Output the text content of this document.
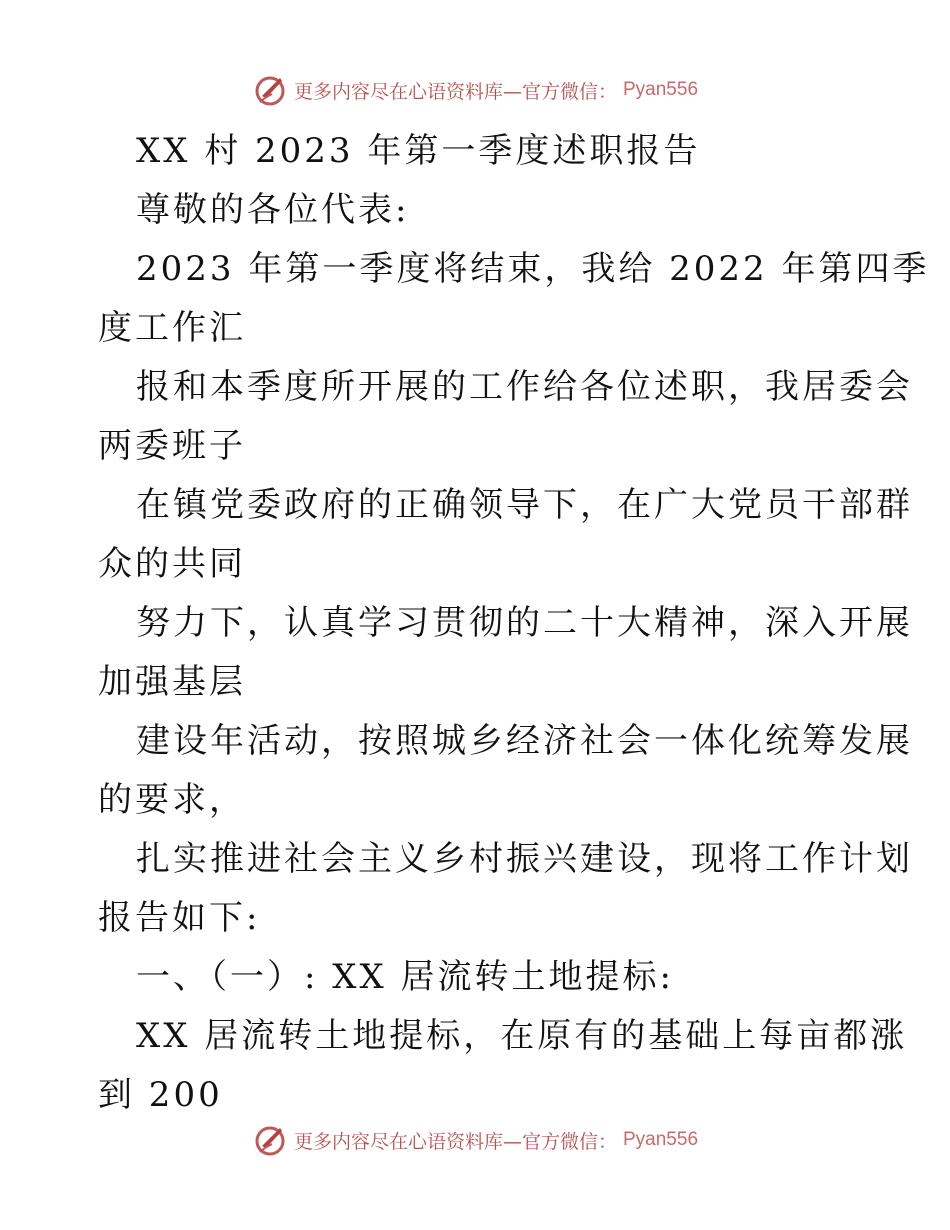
更多内容尽在心语资料库—官方微信： Pyan556
XX 村 2023 年第一季度述职报告
尊敬的各位代表:
2023 年第一季度将结束，我给 2022 年第四季
度工作汇
报和本季度所开展的工作给各位述职，我居委会
两委班子
在镇党委政府的正确领导下，在广大党员干部群
众的共同
努力下，认真学习贯彻的二十大精神，深入开展
加强基层
建设年活动，按照城乡经济社会一体化统筹发展
的要求，
扎实推进社会主义乡村振兴建设，现将工作计划
报告如下:
一、（一）: XX 居流转土地提标:
XX 居流转土地提标，在原有的基础上每亩都涨
到 200
更多内容尽在心语资料库—官方微信： Pyan556
